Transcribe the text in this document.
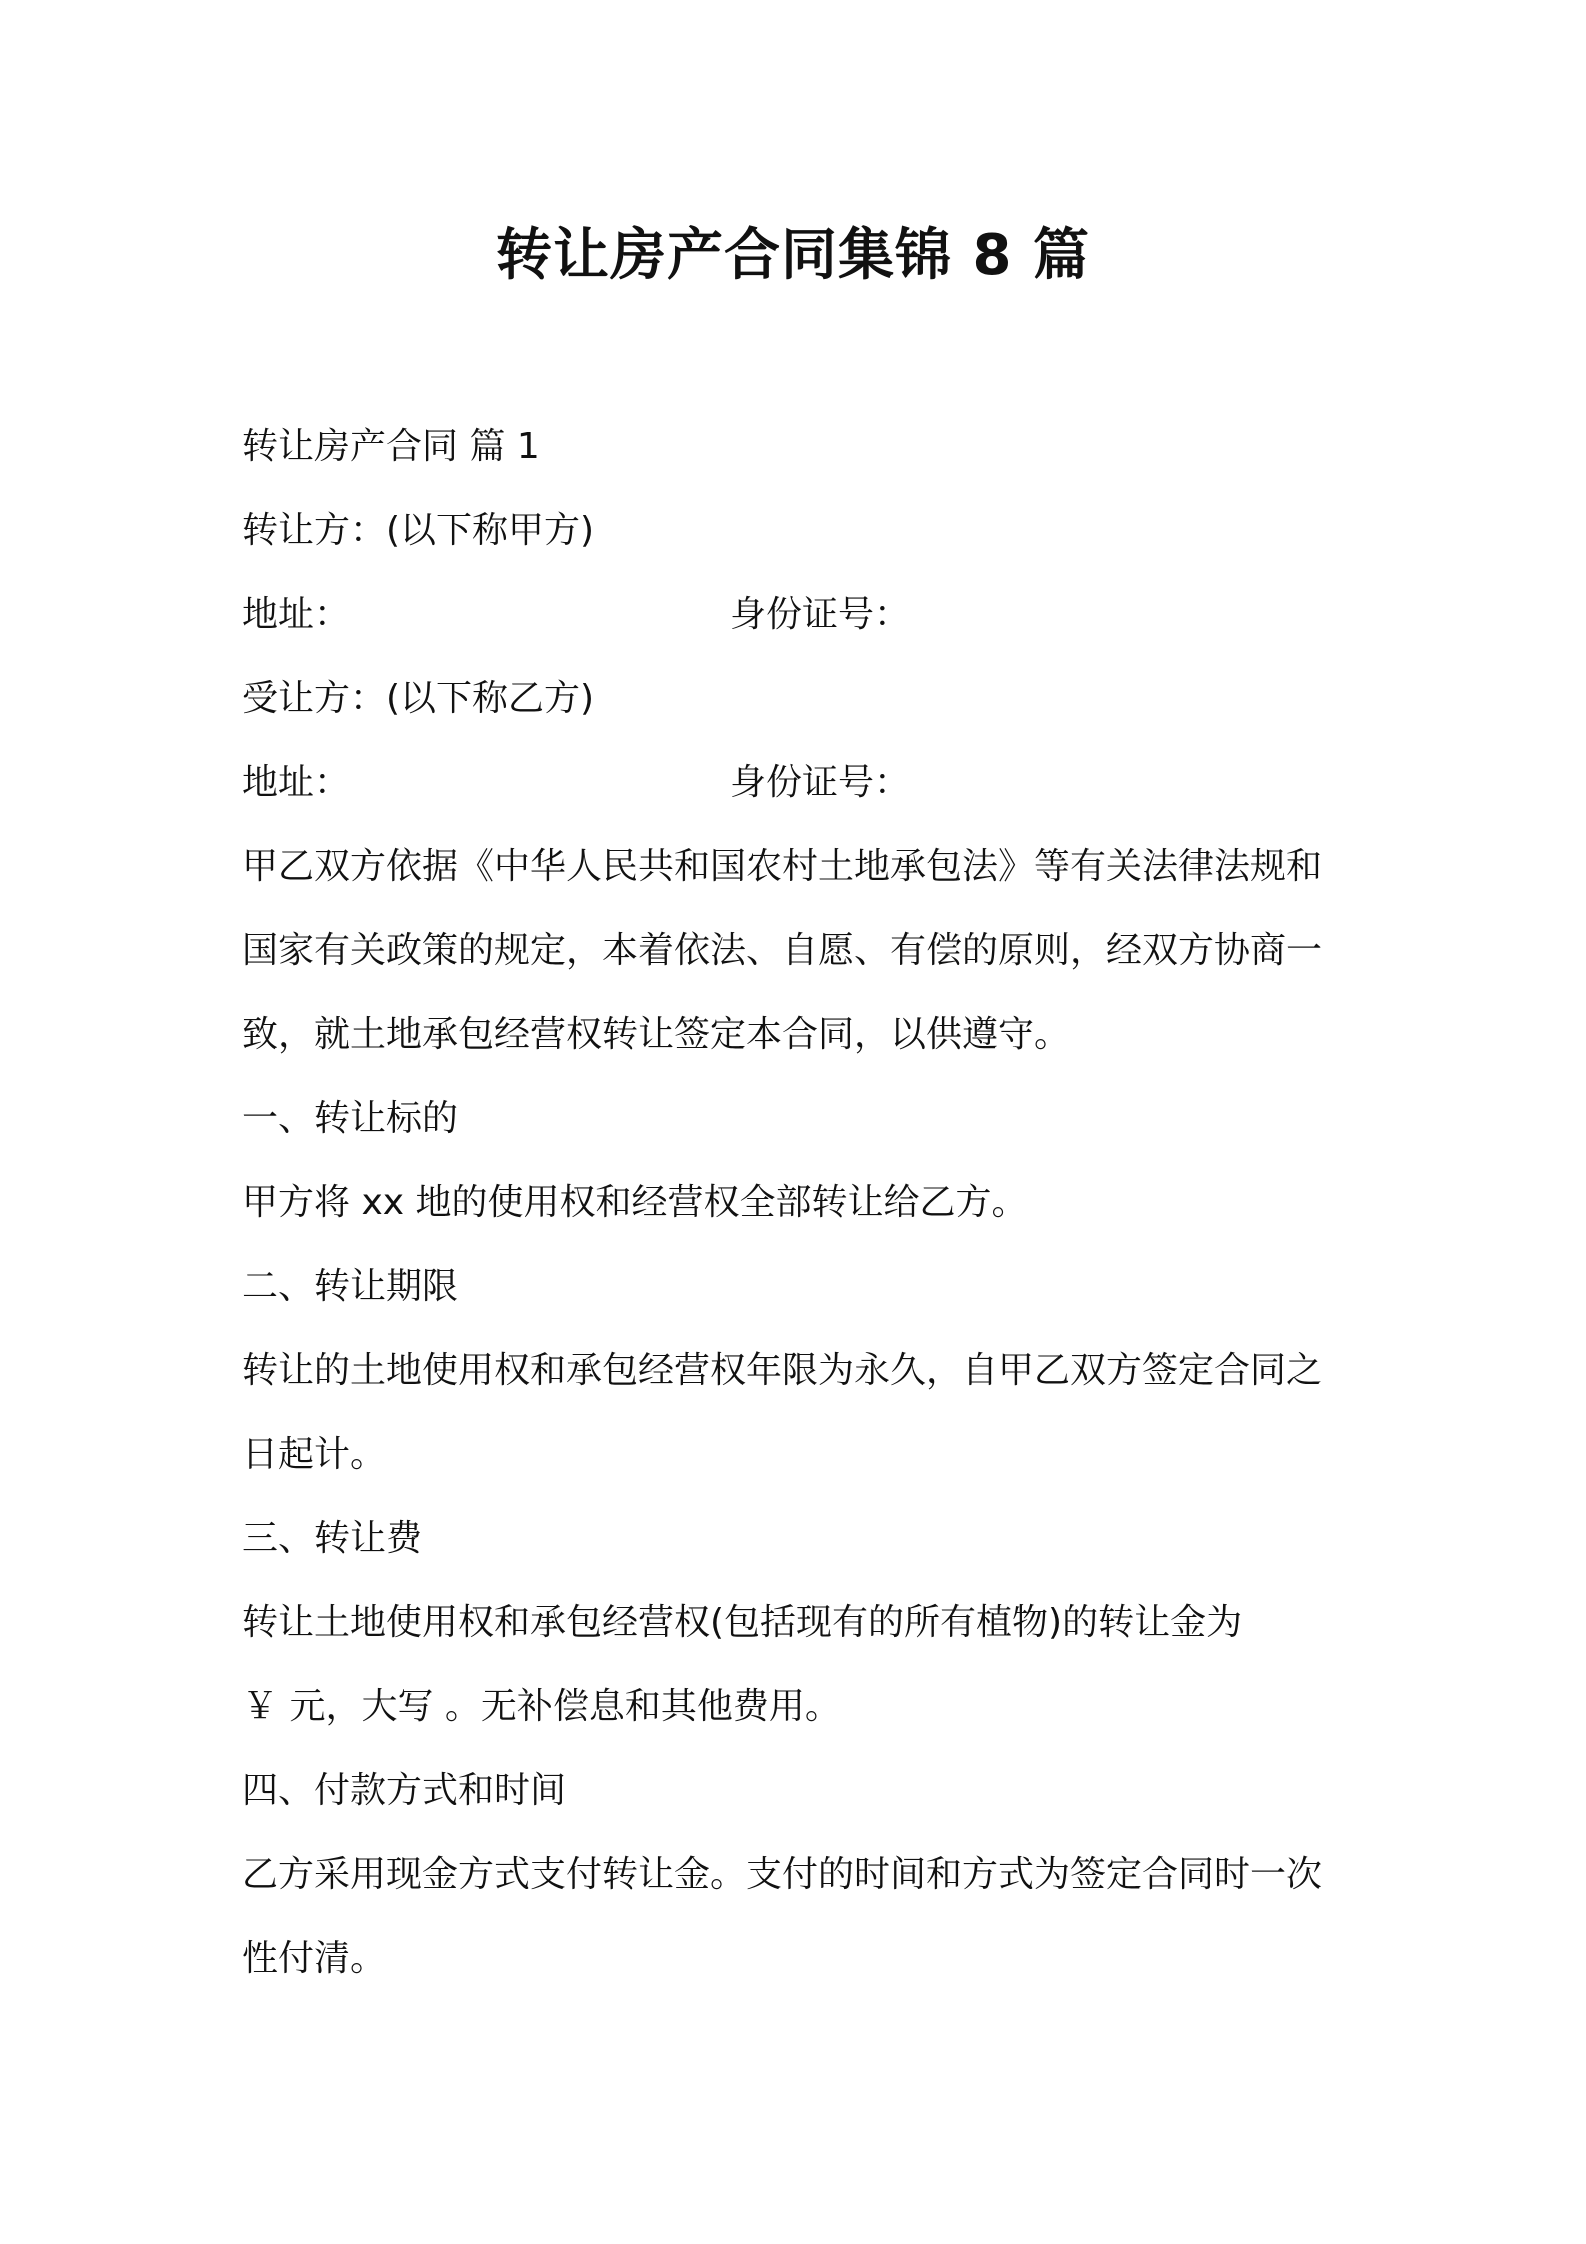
转让房产合同集锦 8 篇
转让房产合同 篇 1
转让方：(以下称甲方)
地址：	身份证号：
受让方：(以下称乙方)
地址：	身份证号：
甲乙双方依据《中华人民共和国农村土地承包法》等有关法律法规和
国家有关政策的规定，本着依法、自愿、有偿的原则，经双方协商一
致，就土地承包经营权转让签定本合同，以供遵守。
一、转让标的
甲方将 xx 地的使用权和经营权全部转让给乙方。
二、转让期限
转让的土地使用权和承包经营权年限为永久，自甲乙双方签定合同之
日起计。
三、转让费
转让土地使用权和承包经营权(包括现有的所有植物)的转让金为
￥ 元，大写 。无补偿息和其他费用。
四、付款方式和时间
乙方采用现金方式支付转让金。支付的时间和方式为签定合同时一次
性付清。
